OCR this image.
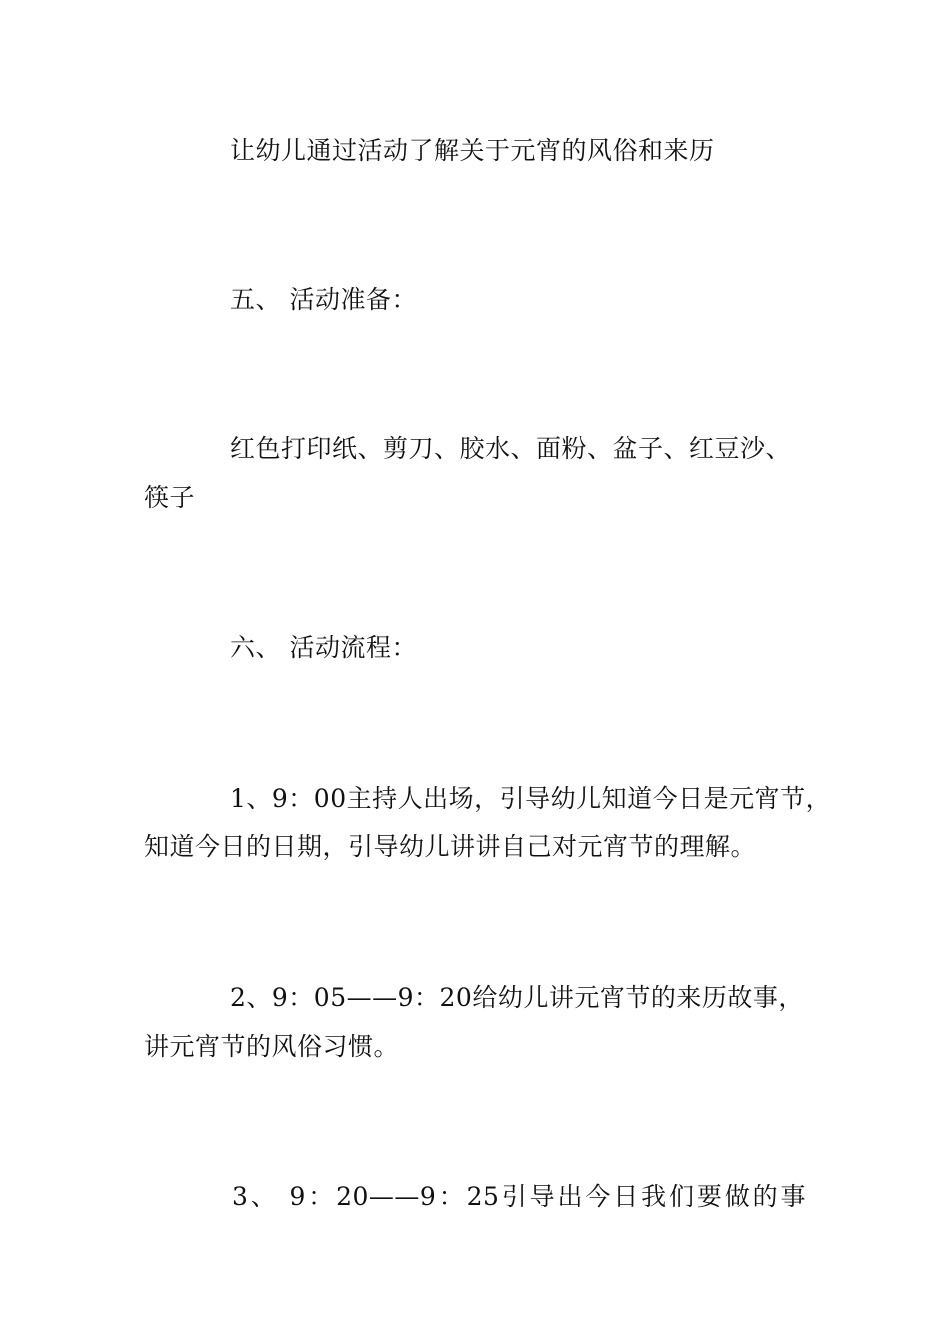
让幼儿通过活动了解关于元宵的风俗和来历
五、 活动准备：
红色打印纸、剪刀、胶水、面粉、盆子、红豆沙、
筷子
六、 活动流程：
1、9：00主持人出场，引导幼儿知道今日是元宵节，
知道今日的日期，引导幼儿讲讲自己对元宵节的理解。
2、9：05——9：20给幼儿讲元宵节的来历故事，
讲元宵节的风俗习惯。
3、 9：20——9：25引导出今日我们要做的事
